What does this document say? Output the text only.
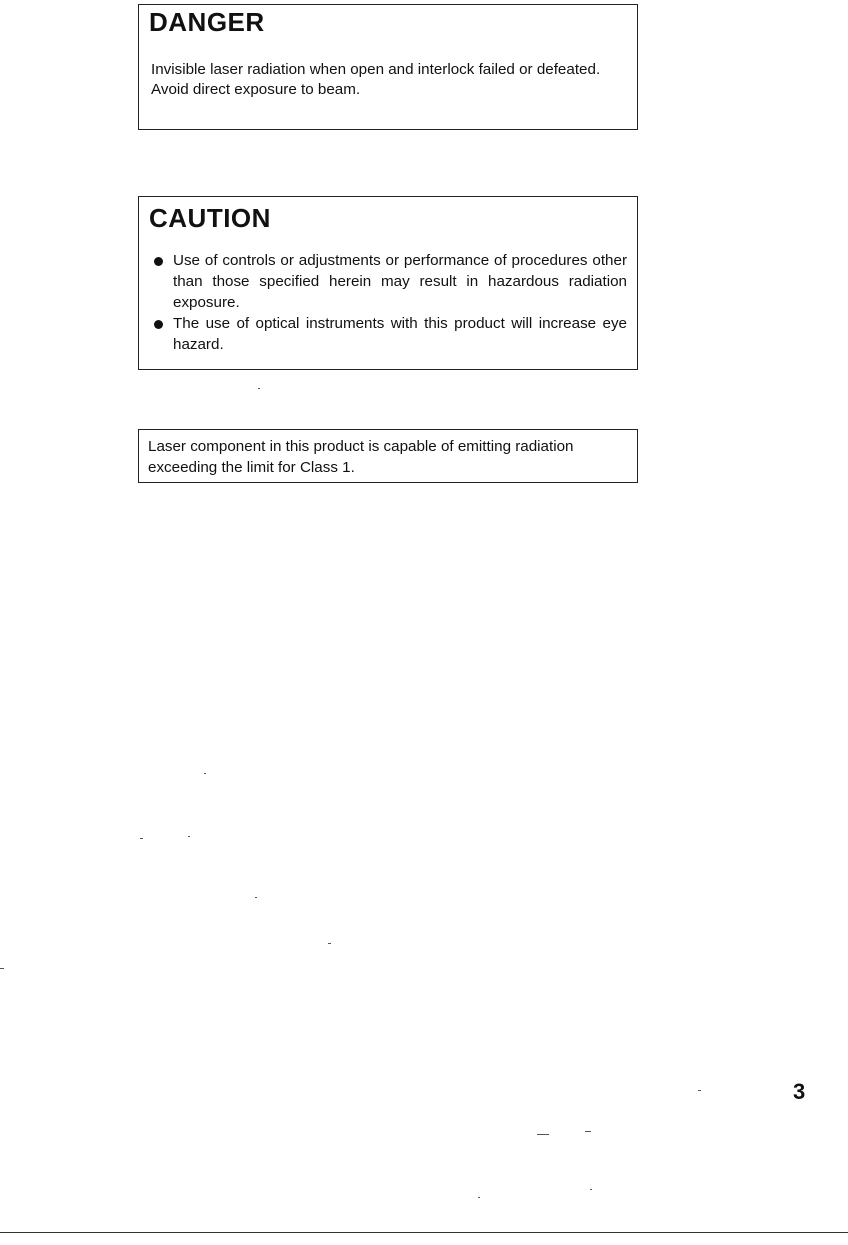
DANGER

Invisible laser radiation when open and interlock failed or defeated.

Avoid direct exposure to beam.

CAUTION

Use of controls or adjustments or performance of procedures other than those specified herein may result in hazardous radiation exposure.
The use of optical instruments with this product will increase eye hazard.

Laser component in this product is capable of emitting radiation exceeding the limit for Class 1.

3
